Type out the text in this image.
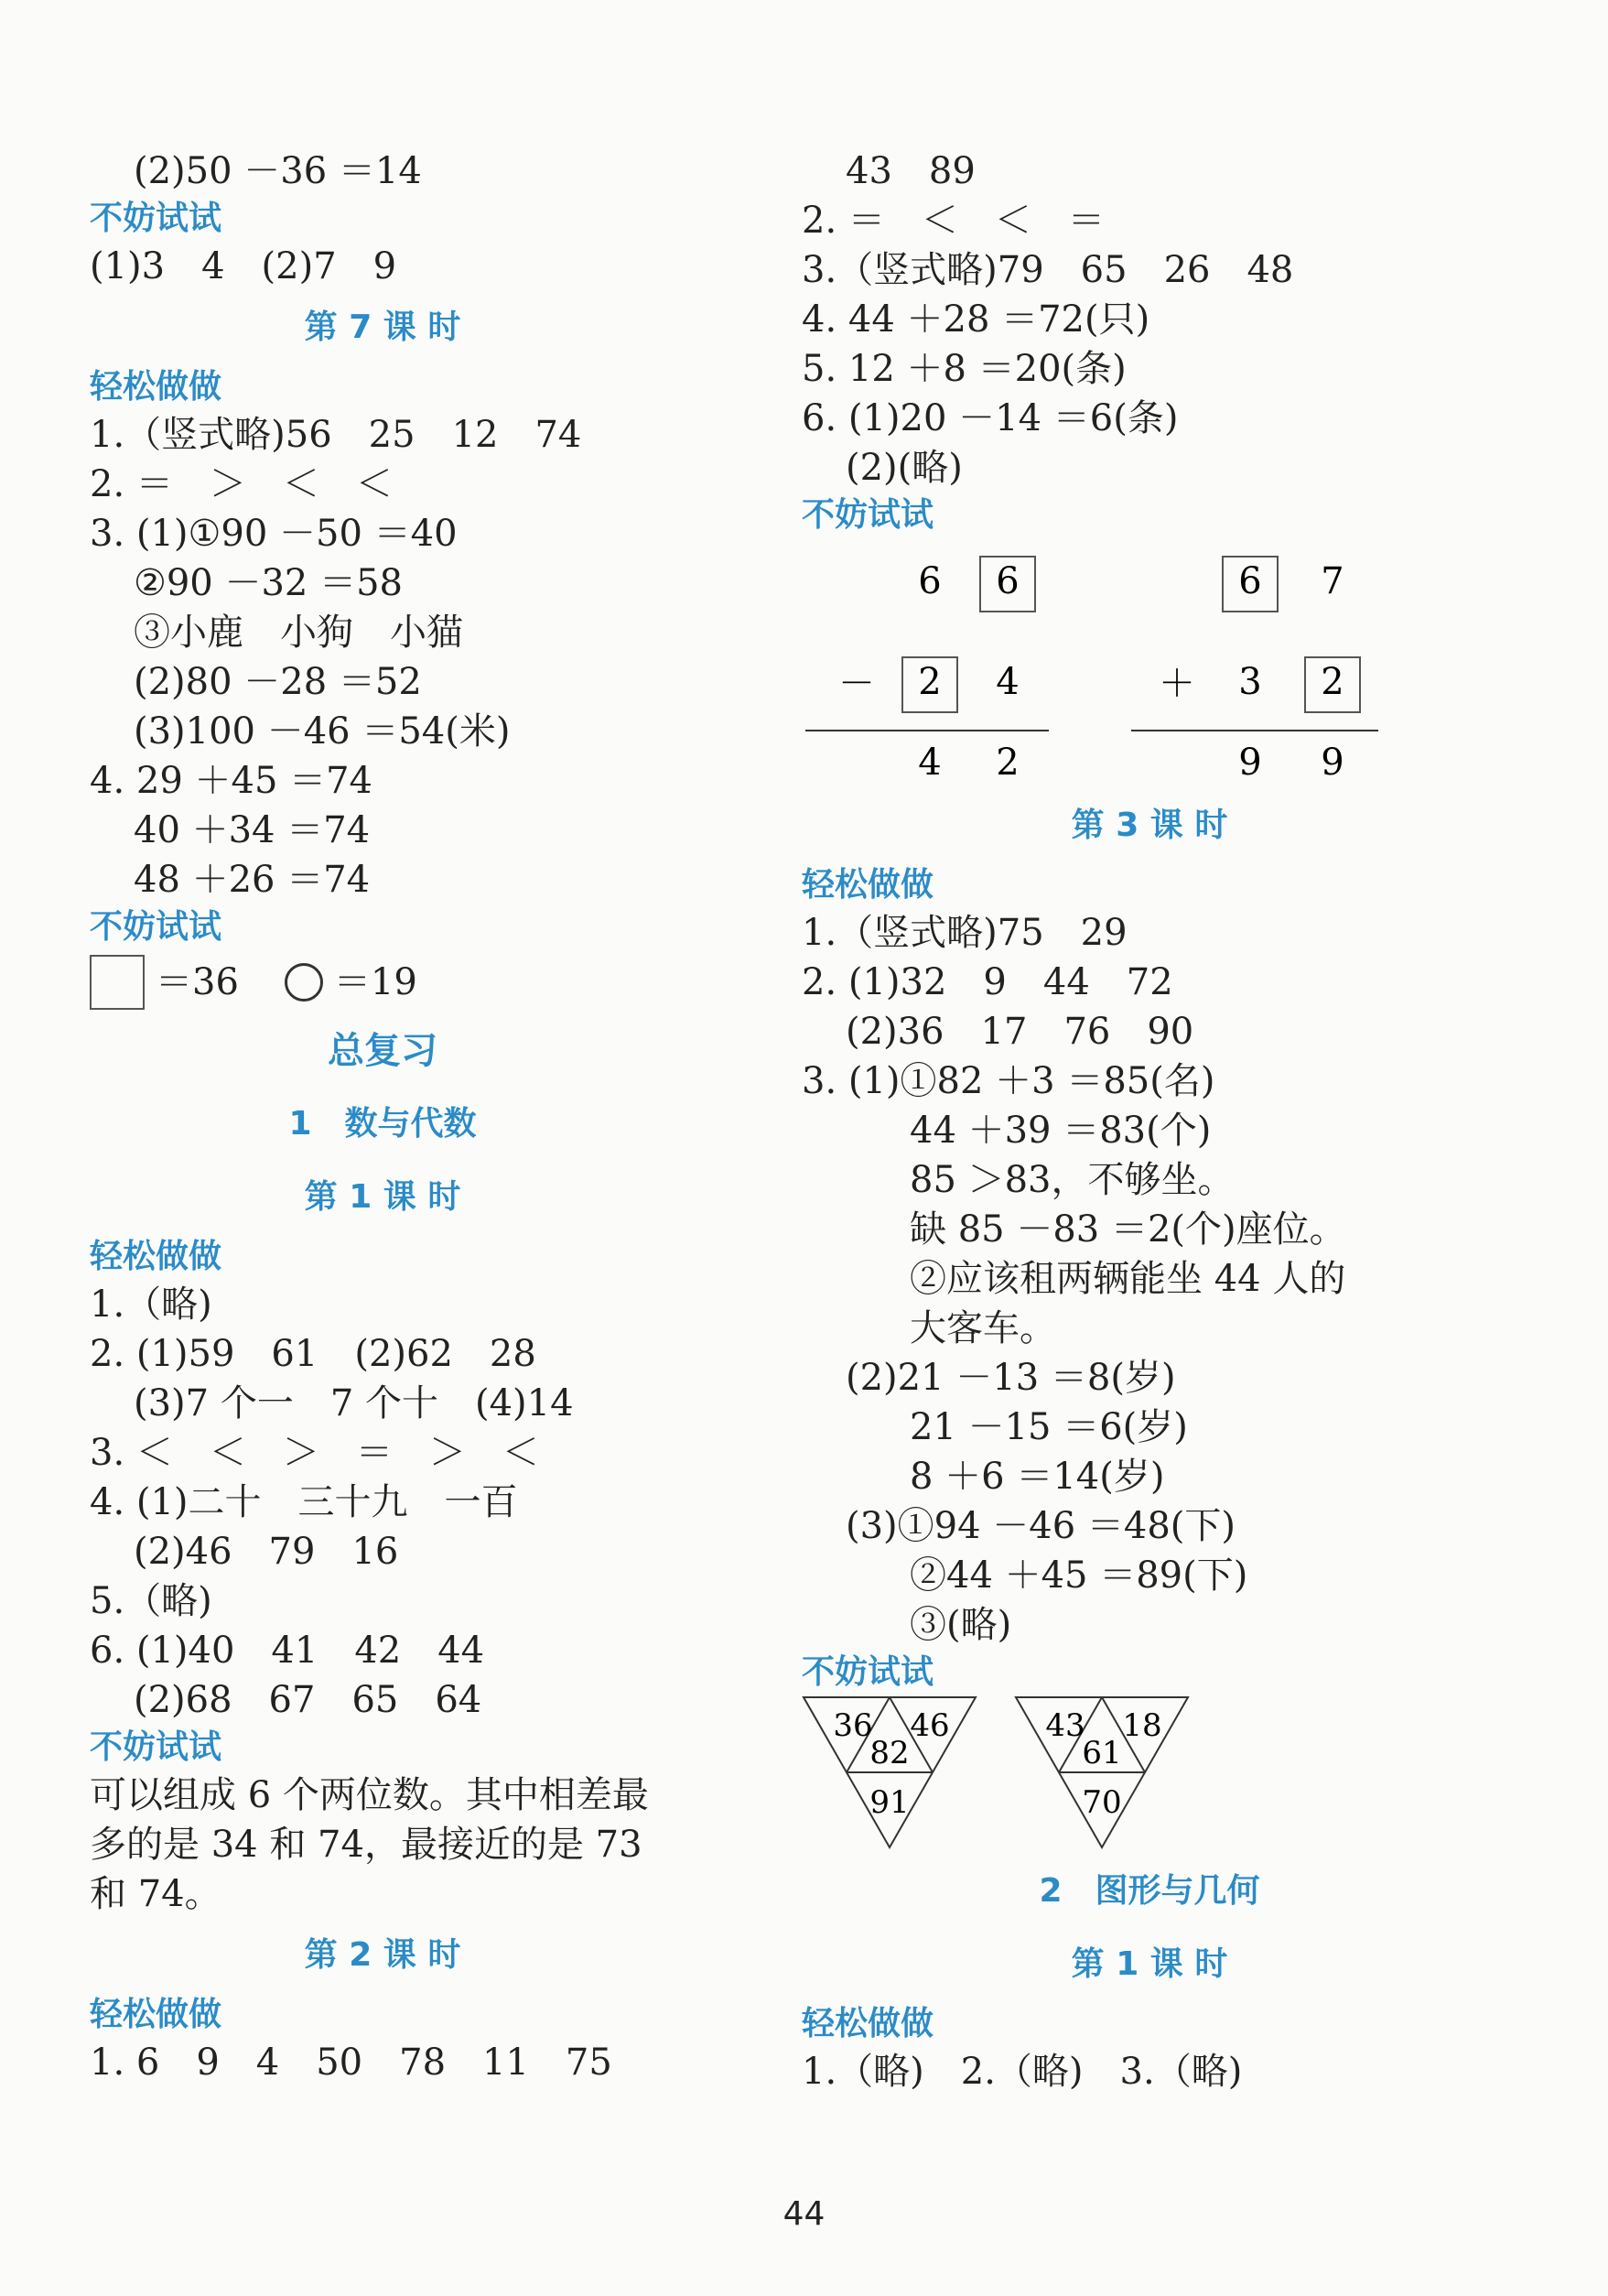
(2)50 －36 ＝14
不妨试试
(1)3　4　(2)7　9
第 7 课 时
轻松做做
1.（竖式略)56　25　12　74
2. ＝　＞　＜　＜
3. (1)①90 －50 ＝40
②90 －32 ＝58
③小鹿　小狗　小猫
(2)80 －28 ＝52
(3)100 －46 ＝54(米)
4. 29 ＋45 ＝74
40 ＋34 ＝74
48 ＋26 ＝74
不妨试试
＝36	＝19
总复习
1　数与代数
第 1 课 时
轻松做做
1.（略)
2. (1)59　61　(2)62　28
(3)7 个一　7 个十　(4)14
3. ＜　＜　＞　＝　＞　＜
4. (1)二十　三十九　一百
(2)46　79　16
5.（略)
6. (1)40　41　42　44
(2)68　67　65　64
不妨试试
可以组成 6 个两位数。其中相差最多的是 34 和 74，最接近的是 73 和 74。
第 2 课 时
轻松做做
1. 6　9　4　50　78　11　75
43　89
2. ＝　＜　＜　＝
3.（竖式略)79　65　26　48
4. 44 ＋28 ＝72(只)
5. 12 ＋8 ＝20(条)
6. (1)20 －14 ＝6(条)
(2)(略)
不妨试试
6 6
－ 2 4
4 2
6 7
＋ 3 2
9 9
第 3 课 时
轻松做做
1.（竖式略)75　29
2. (1)32　9　44　72
(2)36　17　76　90
3. (1)①82 ＋3 ＝85(名)
44 ＋39 ＝83(个)
85 ＞83，不够坐。
缺 85 －83 ＝2(个)座位。
②应该租两辆能坐 44 人的
大客车。
(2)21 －13 ＝8(岁)
21 －15 ＝6(岁)
8 ＋6 ＝14(岁)
(3)①94 －46 ＝48(下)
②44 ＋45 ＝89(下)
③(略)
不妨试试
36 46
82
91
43 18
61
70
2　图形与几何
第 1 课 时
轻松做做
1.（略)　2.（略)　3.（略)
44
